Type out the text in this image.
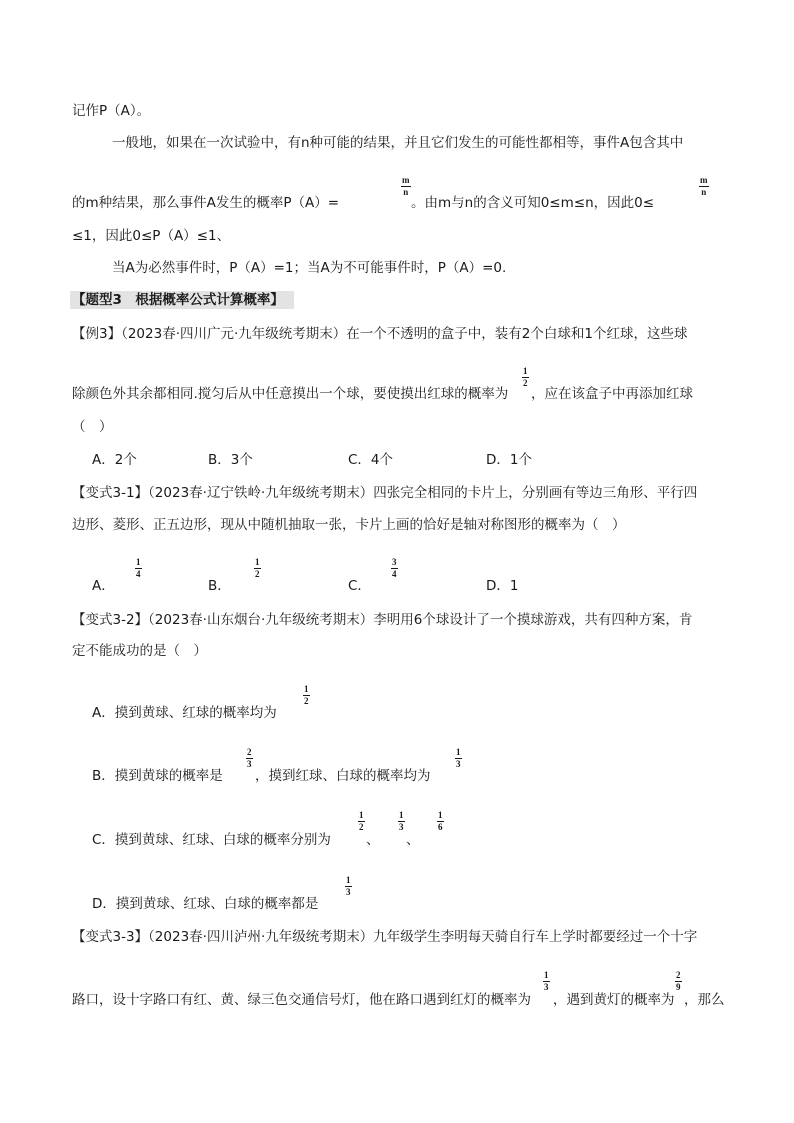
记作P（A）。
一般地，如果在一次试验中，有n种可能的结果，并且它们发生的可能性都相等，事件A包含其中
的m种结果，那么事件A发生的概率P（A）=
$\frac{m}{n}$
。由m与n的含义可知0≤m≤n，因此0≤
$\frac{m}{n}$
≤1，因此0≤P（A）≤1、
当A为必然事件时，P（A）=1；当A为不可能事件时，P（A）=0.
【题型3　根据概率公式计算概率】
【例3】（2023春·四川广元·九年级统考期末）在一个不透明的盒子中，装有2个白球和1个红球，这些球
除颜色外其余都相同.搅匀后从中任意摸出一个球，要使摸出红球的概率为
$\frac{1}{2}$
，应在该盒子中再添加红球
（　）
A．2个	B．3个	C．4个	D．1个
【变式3-1】（2023春·辽宁铁岭·九年级统考期末）四张完全相同的卡片上，分别画有等边三角形、平行四
边形、菱形、正五边形，现从中随机抽取一张，卡片上画的恰好是轴对称图形的概率为（　）
A．
$\frac{1}{4}$
B．
$\frac{1}{2}$
C．
$\frac{3}{4}$
D．1
【变式3-2】（2023春·山东烟台·九年级统考期末）李明用6个球设计了一个摸球游戏，共有四种方案，肯
定不能成功的是（　）
A．摸到黄球、红球的概率均为
$\frac{1}{2}$
B．摸到黄球的概率是
$\frac{2}{3}$
，摸到红球、白球的概率均为
$\frac{1}{3}$
C．摸到黄球、红球、白球的概率分别为
$\frac{1}{2}$
、
$\frac{1}{3}$
、
$\frac{1}{6}$
D．摸到黄球、红球、白球的概率都是
$\frac{1}{3}$
【变式3-3】（2023春·四川泸州·九年级统考期末）九年级学生李明每天骑自行车上学时都要经过一个十字
路口，设十字路口有红、黄、绿三色交通信号灯，他在路口遇到红灯的概率为
$\frac{1}{3}$
，遇到黄灯的概率为
$\frac{2}{9}$
，那么
